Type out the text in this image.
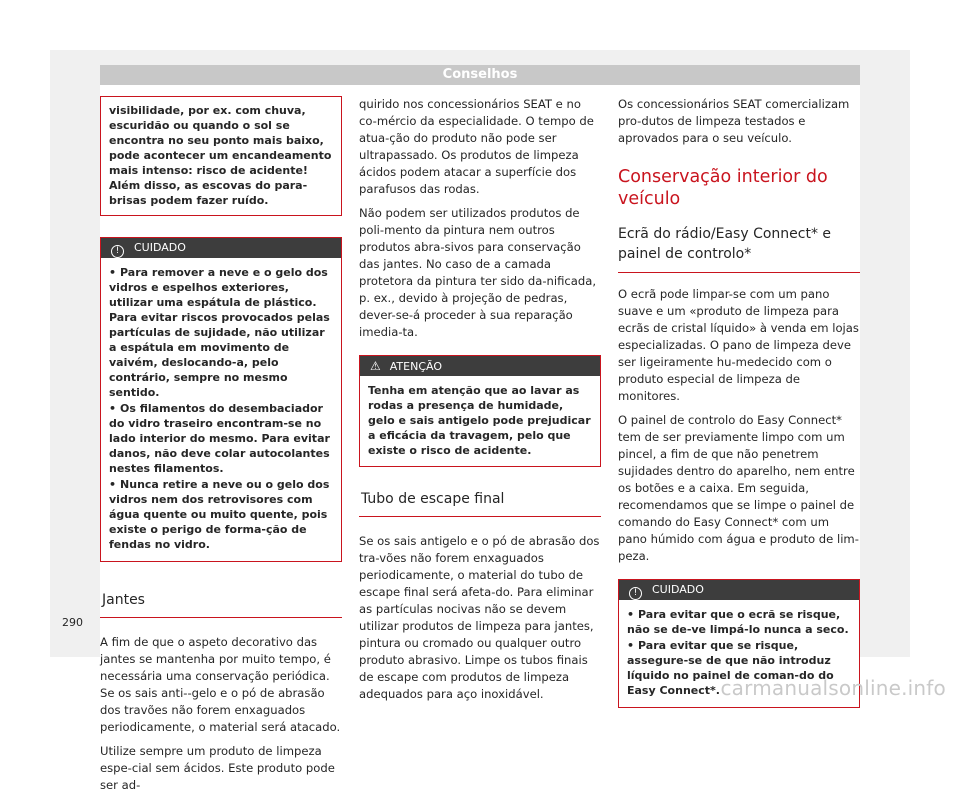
Conselhos
visibilidade, por ex. com chuva, escuridão ou quando o sol se encontra no seu ponto mais baixo, pode acontecer um encandeamento mais intenso: risco de acidente! Além disso, as escovas do para-brisas podem fazer ruído.
! CUIDADO
• Para remover a neve e o gelo dos vidros e espelhos exteriores, utilizar uma espátula de plástico. Para evitar riscos provocados pelas partículas de sujidade, não utilizar a espátula em movimento de vaivém, deslocando-a, pelo contrário, sempre no mesmo sentido.
• Os filamentos do desembaciador do vidro traseiro encontram-se no lado interior do mesmo. Para evitar danos, não deve colar autocolantes nestes filamentos.
• Nunca retire a neve ou o gelo dos vidros nem dos retrovisores com água quente ou muito quente, pois existe o perigo de forma-ção de fendas no vidro.
Jantes

A fim de que o aspeto decorativo das jantes se mantenha por muito tempo, é necessária uma conservação periódica. Se os sais anti--gelo e o pó de abrasão dos travões não forem enxaguados periodicamente, o material será atacado.

Utilize sempre um produto de limpeza espe-cial sem ácidos. Este produto pode ser ad-

quirido nos concessionários SEAT e no co-mércio da especialidade. O tempo de atua-ção do produto não pode ser ultrapassado. Os produtos de limpeza ácidos podem atacar a superfície dos parafusos das rodas.

Não podem ser utilizados produtos de poli-mento da pintura nem outros produtos abra-sivos para conservação das jantes. No caso de a camada protetora da pintura ter sido da-nificada, p. ex., devido à projeção de pedras, dever-se-á proceder à sua reparação imedia-ta.

⚠ ATENÇÃO
Tenha em atenção que ao lavar as rodas a presença de humidade, gelo e sais antigelo pode prejudicar a eficácia da travagem, pelo que existe o risco de acidente.
Tubo de escape final

Se os sais antigelo e o pó de abrasão dos tra-vões não forem enxaguados periodicamente, o material do tubo de escape final será afeta-do. Para eliminar as partículas nocivas não se devem utilizar produtos de limpeza para jantes, pintura ou cromado ou qualquer outro produto abrasivo. Limpe os tubos finais de escape com produtos de limpeza adequados para aço inoxidável.

Os concessionários SEAT comercializam pro-dutos de limpeza testados e aprovados para o seu veículo.

Conservação interior do veículo
Ecrã do rádio/Easy Connect* e painel de controlo*

O ecrã pode limpar-se com um pano suave e um «produto de limpeza para ecrãs de cristal líquido» à venda em lojas especializadas. O pano de limpeza deve ser ligeiramente hu-medecido com o produto especial de limpeza de monitores.

O painel de controlo do Easy Connect* tem de ser previamente limpo com um pincel, a fim de que não penetrem sujidades dentro do aparelho, nem entre os botões e a caixa. Em seguida, recomendamos que se limpe o painel de comando do Easy Connect* com um pano húmido com água e produto de lim-peza.

! CUIDADO
• Para evitar que o ecrã se risque, não se de-ve limpá-lo nunca a seco.
• Para evitar que se risque, assegure-se de que não introduz líquido no painel de coman-do do Easy Connect*.
290
carmanualsonline.info
